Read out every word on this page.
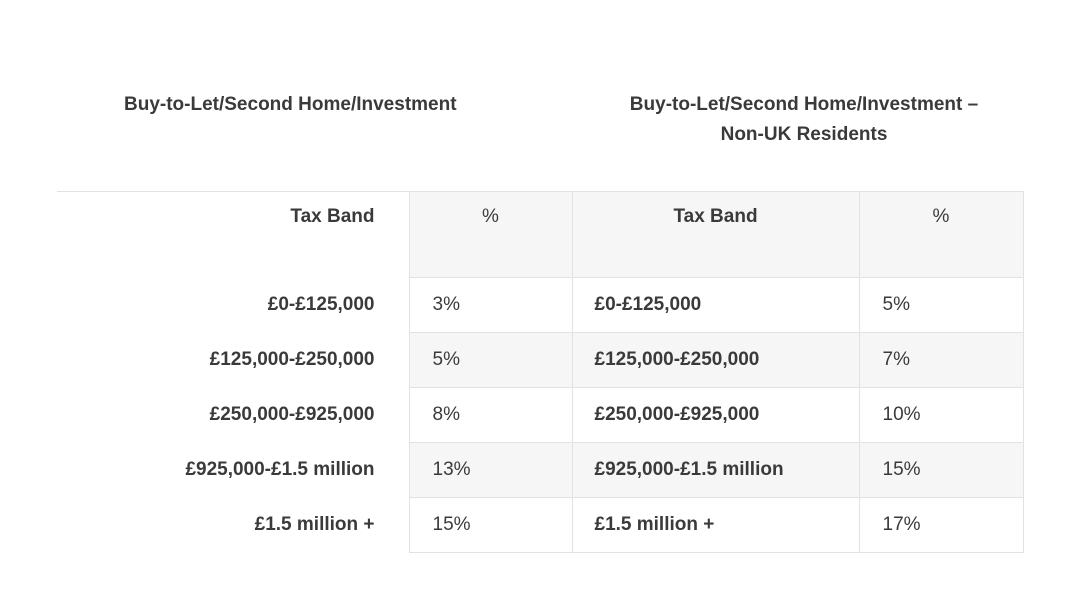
Buy-to-Let/Second Home/Investment	Buy-to-Let/Second Home/Investment –
Non-UK Residents
Tax Band	%	Tax Band	%
£0-£125,000	3%	£0-£125,000	5%
£125,000-£250,000	5%	£125,000-£250,000	7%
£250,000-£925,000	8%	£250,000-£925,000	10%
£925,000-£1.5 million	13%	£925,000-£1.5 million	15%
£1.5 million +	15%	£1.5 million +	17%
